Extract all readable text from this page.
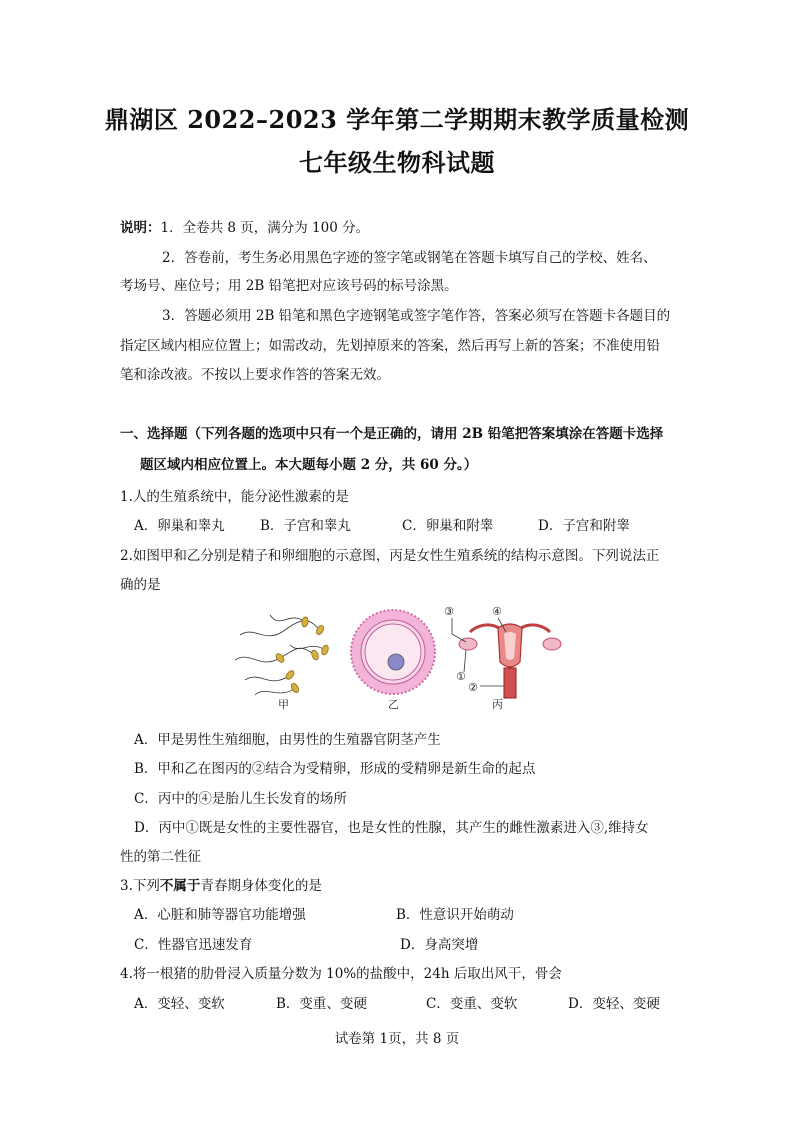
鼎湖区 2022–2023 学年第二学期期末教学质量检测
七年级生物科试题
说明：1．全卷共 8 页，满分为 100 分。
2．答卷前，考生务必用黑色字迹的签字笔或钢笔在答题卡填写自己的学校、姓名、
考场号、座位号；用 2B 铅笔把对应该号码的标号涂黑。
3．答题必须用 2B 铅笔和黑色字迹钢笔或签字笔作答，答案必须写在答题卡各题目的
指定区域内相应位置上；如需改动，先划掉原来的答案，然后再写上新的答案；不准使用铅
笔和涂改液。不按以上要求作答的答案无效。
一、选择题（下列各题的选项中只有一个是正确的，请用 2B 铅笔把答案填涂在答题卡选择
题区域内相应位置上。本大题每小题 2 分，共 60 分。）
1.人的生殖系统中，能分泌性激素的是
A．卵巢和睾丸	B．子宫和睾丸	C．卵巢和附睾	D．子宫和附睾
2.如图甲和乙分别是精子和卵细胞的示意图，丙是女性生殖系统的结构示意图。下列说法正
确的是
甲	乙
③	④
①
②
丙
A．甲是男性生殖细胞，由男性的生殖器官阴茎产生
B．甲和乙在图丙的②结合为受精卵，形成的受精卵是新生命的起点
C．丙中的④是胎儿生长发育的场所
D．丙中①既是女性的主要性器官，也是女性的性腺，其产生的雌性激素进入③,维持女
性的第二性征
3.下列不属于青春期身体变化的是
A．心脏和肺等器官功能增强	B．性意识开始萌动
C．性器官迅速发育	D．身高突增
4.将一根猪的肋骨浸入质量分数为 10%的盐酸中，24h 后取出风干，骨会
A．变轻、变软	B．变重、变硬	C．变重、变软	D．变轻、变硬
试卷第 1页，共 8 页
